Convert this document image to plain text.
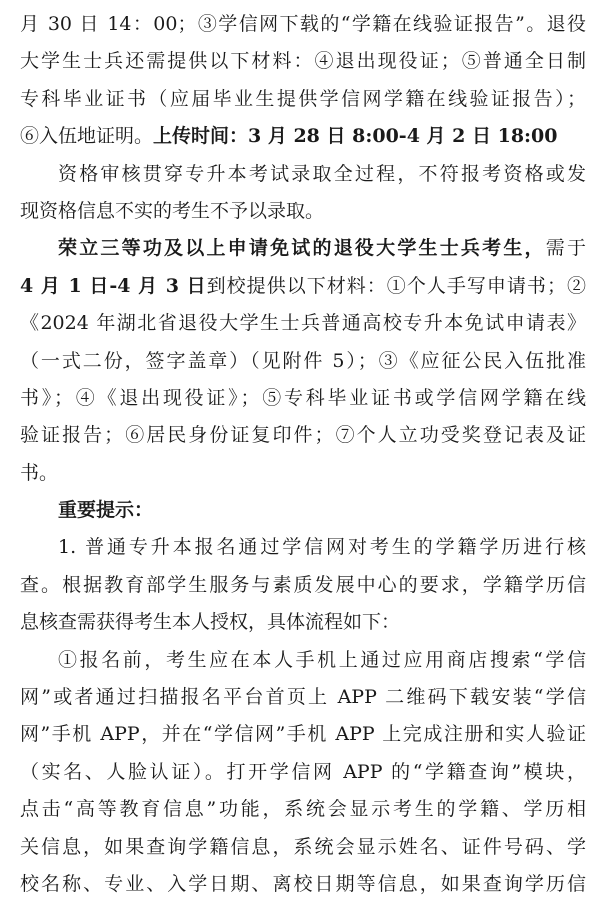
月 30 日 14：00；③学信网下载的“学籍在线验证报告”。退役
大学生士兵还需提供以下材料：④退出现役证；⑤普通全日制
专科毕业证书（应届毕业生提供学信网学籍在线验证报告）；
⑥入伍地证明。上传时间：3 月 28 日 8:00-4 月 2 日 18:00
资格审核贯穿专升本考试录取全过程，不符报考资格或发
现资格信息不实的考生不予以录取。
荣立三等功及以上申请免试的退役大学生士兵考生，需于
4 月 1 日-4 月 3 日到校提供以下材料：①个人手写申请书；②
《2024 年湖北省退役大学生士兵普通高校专升本免试申请表》
（一式二份，签字盖章）（见附件 5）；③《应征公民入伍批准
书》；④《退出现役证》；⑤专科毕业证书或学信网学籍在线
验证报告；⑥居民身份证复印件；⑦个人立功受奖登记表及证
书。
重要提示：
1. 普通专升本报名通过学信网对考生的学籍学历进行核
查。根据教育部学生服务与素质发展中心的要求，学籍学历信
息核查需获得考生本人授权，具体流程如下：
①报名前，考生应在本人手机上通过应用商店搜索“学信
网”或者通过扫描报名平台首页上 APP 二维码下载安装“学信
网”手机 APP，并在“学信网”手机 APP 上完成注册和实人验证
（实名、人脸认证）。打开学信网 APP 的“学籍查询”模块，
点击“高等教育信息”功能，系统会显示考生的学籍、学历相
关信息，如果查询学籍信息，系统会显示姓名、证件号码、学
校名称、专业、入学日期、离校日期等信息，如果查询学历信
